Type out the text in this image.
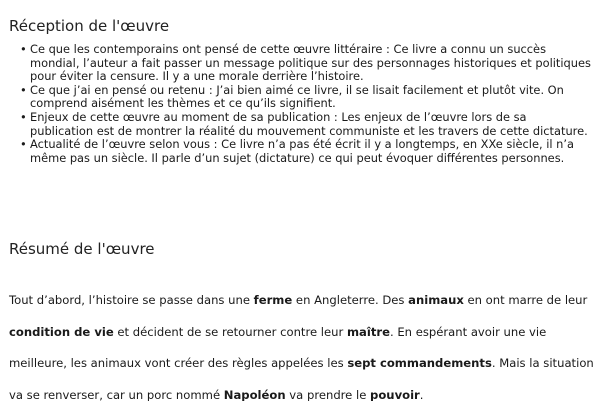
Réception de l'œuvre
• Ce que les contemporains ont pensé de cette œuvre littéraire : Ce livre a connu un succès mondial, l’auteur a fait passer un message politique sur des personnages historiques et politiques pour éviter la censure. Il y a une morale derrière l’histoire.
• Ce que j’ai en pensé ou retenu : J’ai bien aimé ce livre, il se lisait facilement et plutôt vite. On comprend aisément les thèmes et ce qu’ils signifient.
• Enjeux de cette œuvre au moment de sa publication : Les enjeux de l’œuvre lors de sa publication est de montrer la réalité du mouvement communiste et les travers de cette dictature.
• Actualité de l’œuvre selon vous : Ce livre n’a pas été écrit il y a longtemps, en XXe siècle, il n’a même pas un siècle. Il parle d’un sujet (dictature) ce qui peut évoquer différentes personnes.
Résumé de l'œuvre

Tout d’abord, l’histoire se passe dans une ferme en Angleterre. Des animaux en ont marre de leur condition de vie et décident de se retourner contre leur maître. En espérant avoir une vie meilleure, les animaux vont créer des règles appelées les sept commandements. Mais la situation va se renverser, car un porc nommé Napoléon va prendre le pouvoir.
